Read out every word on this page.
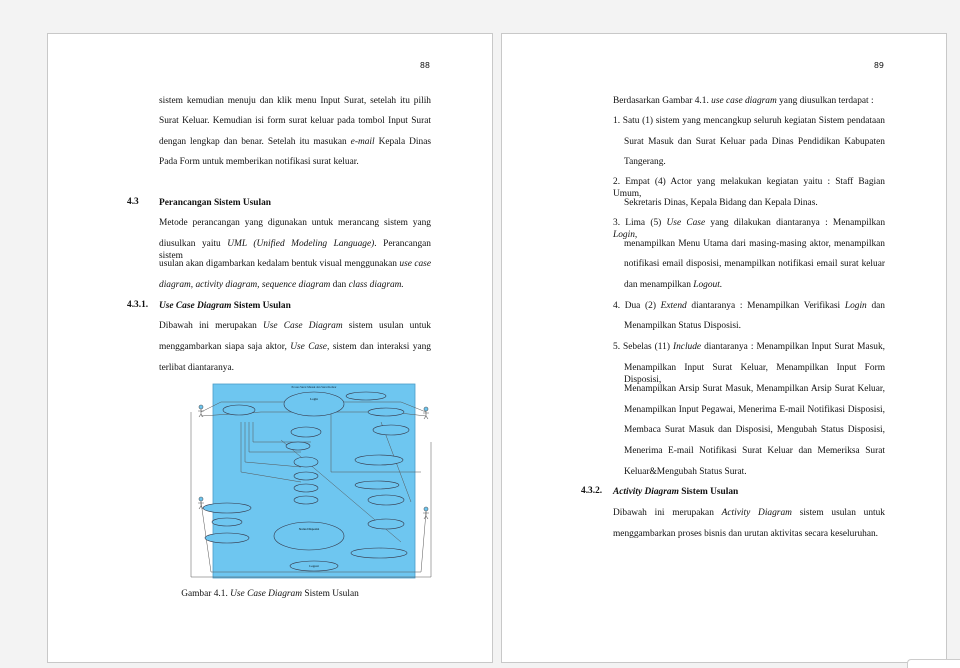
88
sistem kemudian menuju dan klik menu Input Surat, setelah itu pilih
Surat Keluar. Kemudian isi form surat keluar pada tombol Input Surat
dengan lengkap dan benar. Setelah itu masukan e-mail Kepala Dinas
Pada Form untuk memberikan notifikasi surat keluar.
Perancangan Sistem Usulan
Metode perancangan yang digunakan untuk merancang sistem yang
diusulkan yaitu UML (Unified Modeling Language). Perancangan sistem
usulan akan digambarkan kedalam bentuk visual menggunakan use case
diagram, activity diagram, sequence diagram dan class diagram.
Use Case Diagram Sistem Usulan
Dibawah ini merupakan Use Case Diagram sistem usulan untuk
menggambarkan siapa saja aktor, Use Case, sistem dan interaksi yang
terlibat diantaranya.
4.3
4.3.1.
Proses Surat Masuk dan Surat Keluar
Login
Status Disposisi
Logout
Gambar 4.1. Use Case Diagram Sistem Usulan
89
Berdasarkan Gambar 4.1. use case diagram yang diusulkan terdapat :
1. Satu (1) sistem yang mencangkup seluruh kegiatan Sistem pendataan
Surat Masuk dan Surat Keluar pada Dinas Pendidikan Kabupaten
Tangerang.
2. Empat (4) Actor yang melakukan kegiatan yaitu : Staff Bagian Umum,
Sekretaris Dinas, Kepala Bidang dan Kepala Dinas.
3. Lima (5) Use Case yang dilakukan diantaranya : Menampilkan Login,
menampilkan Menu Utama dari masing-masing aktor, menampilkan
notifikasi email disposisi, menampilkan notifikasi email surat keluar
dan menampilkan Logout.
4. Dua (2) Extend diantaranya : Menampilkan Verifikasi Login dan
Menampilkan Status Disposisi.
5. Sebelas (11) Include diantaranya : Menampilkan Input Surat Masuk,
Menampilkan Input Surat Keluar, Menampilkan Input Form Disposisi,
Menampilkan Arsip Surat Masuk, Menampilkan Arsip Surat Keluar,
Menampilkan Input Pegawai, Menerima E-mail Notifikasi Disposisi,
Membaca Surat Masuk dan Disposisi, Mengubah Status Disposisi,
Menerima E-mail Notifikasi Surat Keluar dan Memeriksa Surat
Keluar&Mengubah Status Surat.
Activity Diagram Sistem Usulan
Dibawah ini merupakan Activity Diagram sistem usulan untuk
menggambarkan proses bisnis dan urutan aktivitas secara keseluruhan.
4.3.2.
